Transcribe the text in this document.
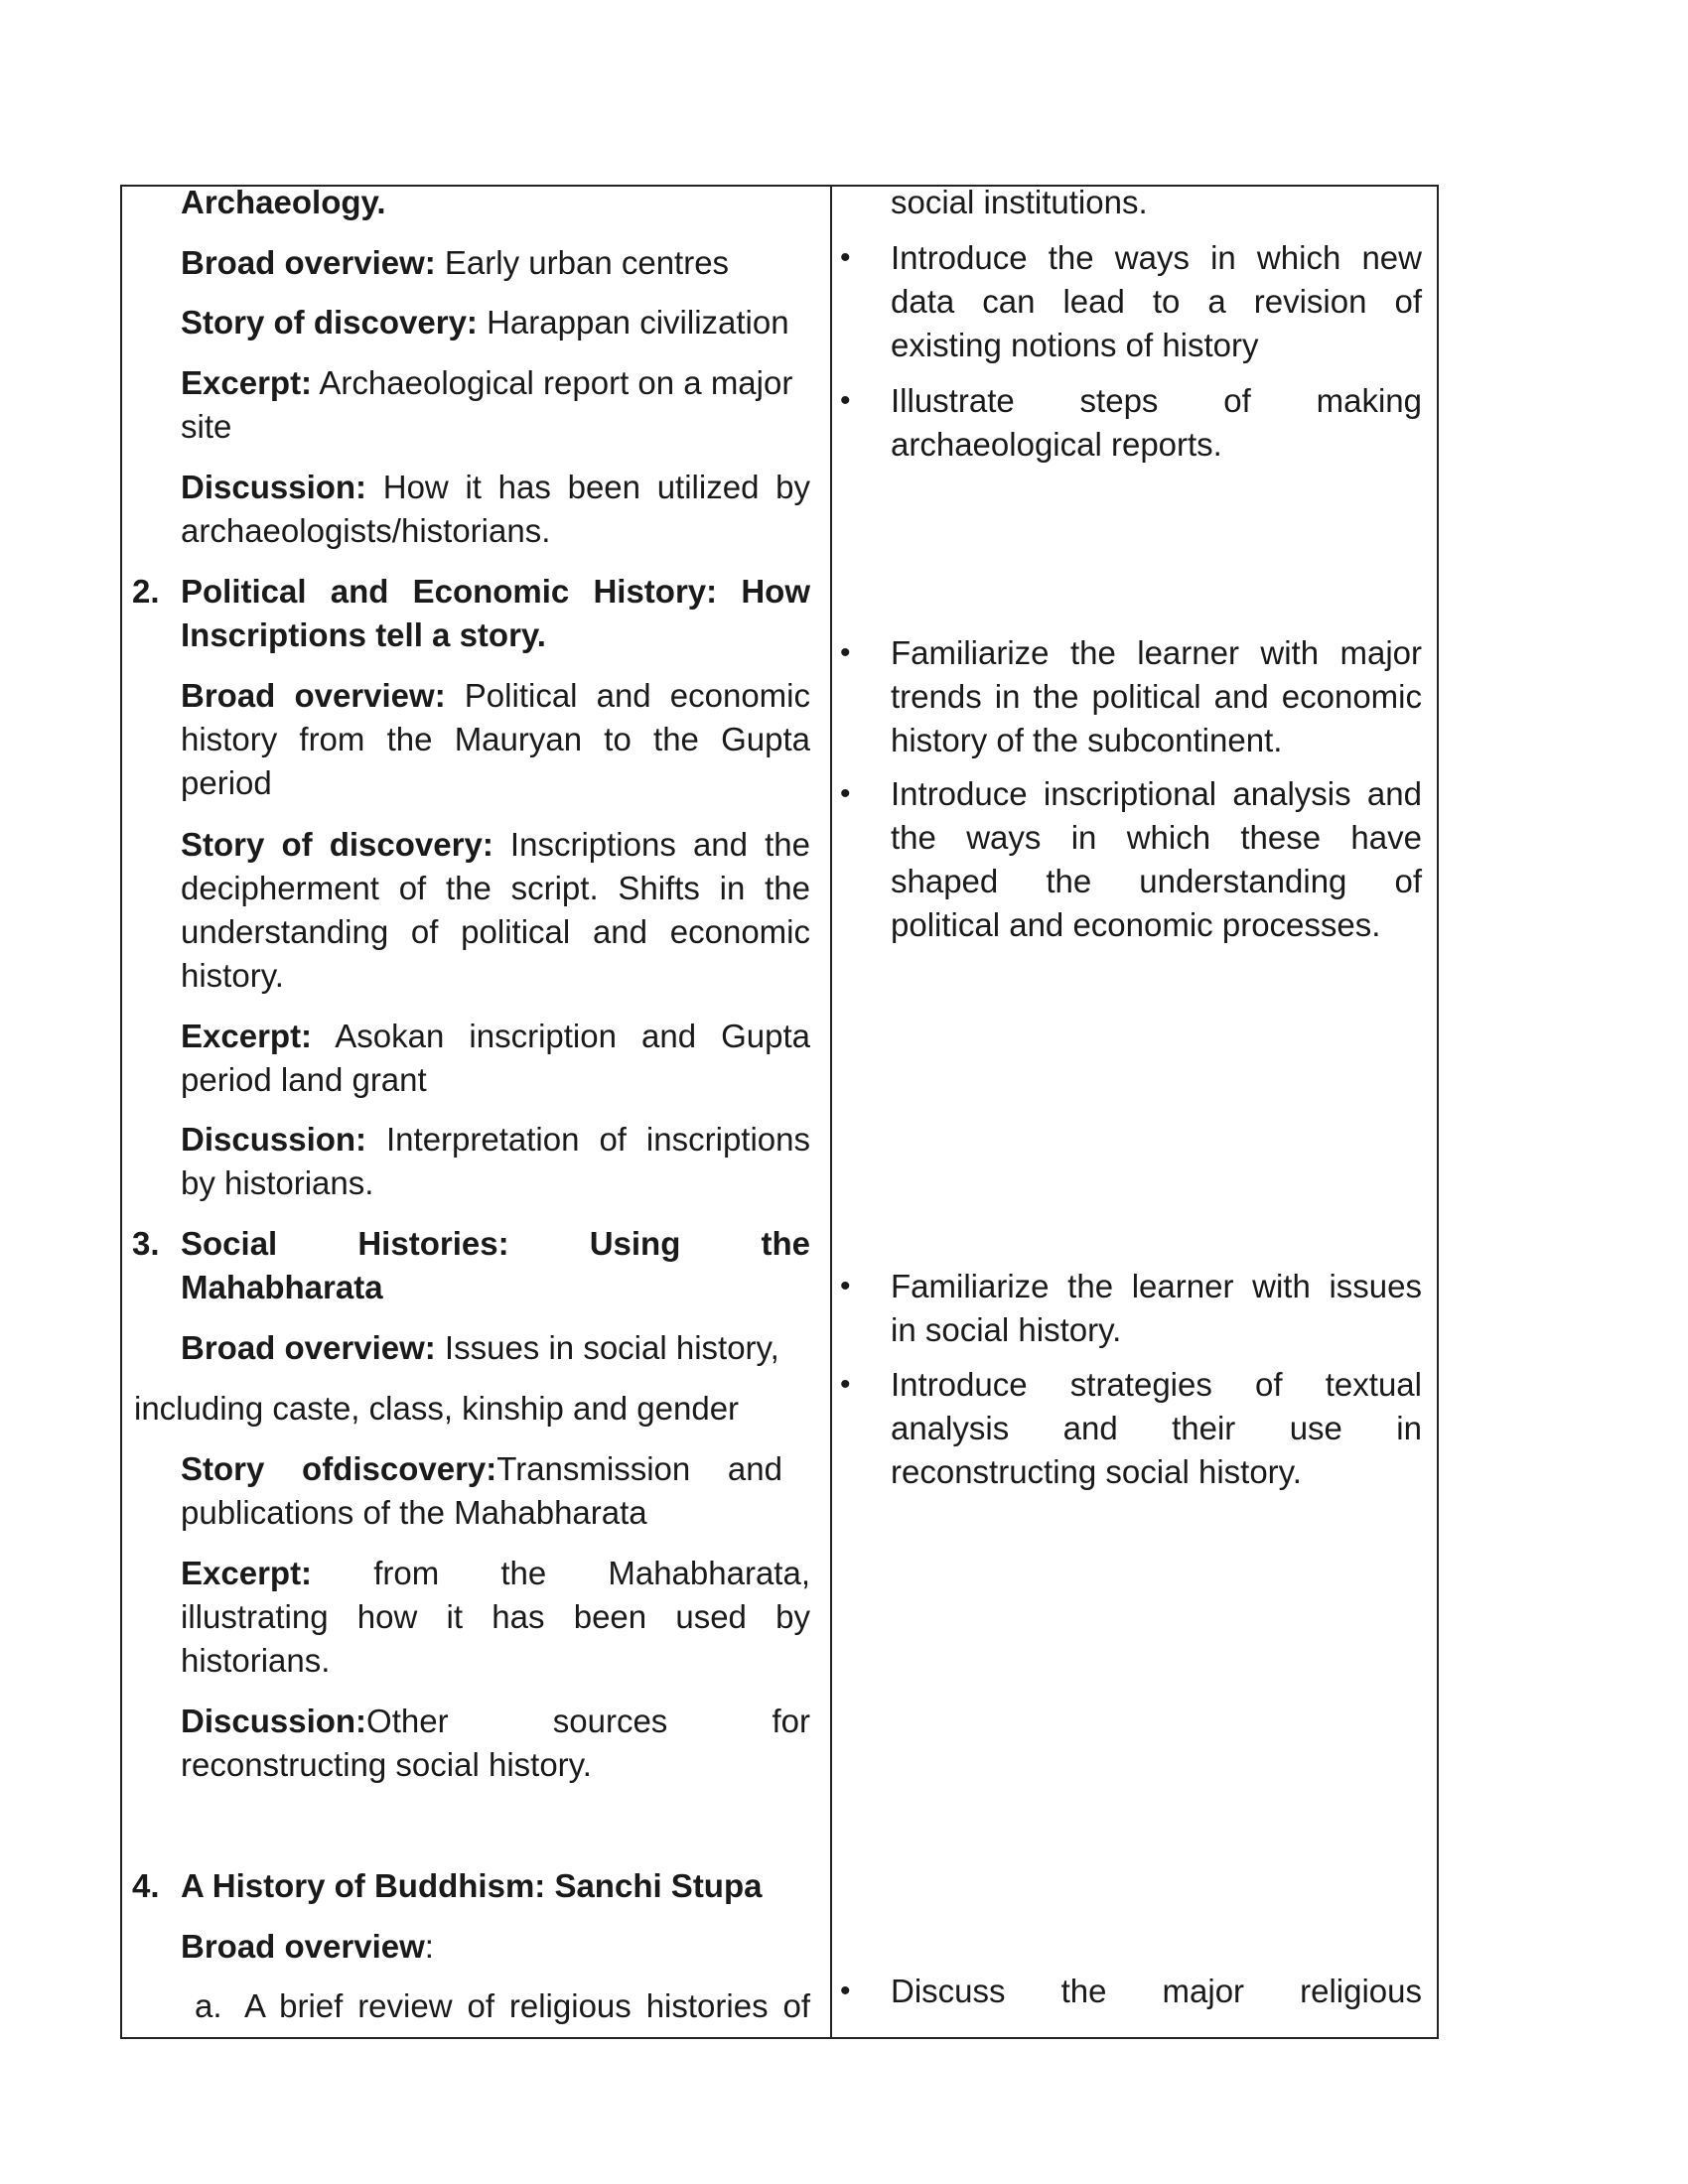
Archaeology.
Broad overview: Early urban centres
Story of discovery: Harappan civilization
Excerpt: Archaeological report on a major
site
Discussion: How it has been utilized by
archaeologists/historians.
2. Political and Economic History: How
Inscriptions tell a story.
Broad overview: Political and economic
history from the Mauryan to the Gupta
period
Story of discovery: Inscriptions and the
decipherment of the script. Shifts in the
understanding of political and economic
history.
Excerpt: Asokan inscription and Gupta
period land grant
Discussion: Interpretation of inscriptions
by historians.
3. Social Histories: Using the
Mahabharata
Broad overview: Issues in social history,
including caste, class, kinship and gender
Story ofdiscovery:Transmission and
publications of the Mahabharata
Excerpt: from the Mahabharata,
illustrating how it has been used by
historians.
Discussion:Other sources for
reconstructing social history.
4. A History of Buddhism: Sanchi Stupa
Broad overview:
a. A brief review of religious histories of
social institutions.
• Introduce the ways in which new
data can lead to a revision of
existing notions of history
• Illustrate steps of making
archaeological reports.
• Familiarize the learner with major
trends in the political and economic
history of the subcontinent.
• Introduce inscriptional analysis and
the ways in which these have
shaped the understanding of
political and economic processes.
• Familiarize the learner with issues
in social history.
• Introduce strategies of textual
analysis and their use in
reconstructing social history.
• Discuss the major religious
